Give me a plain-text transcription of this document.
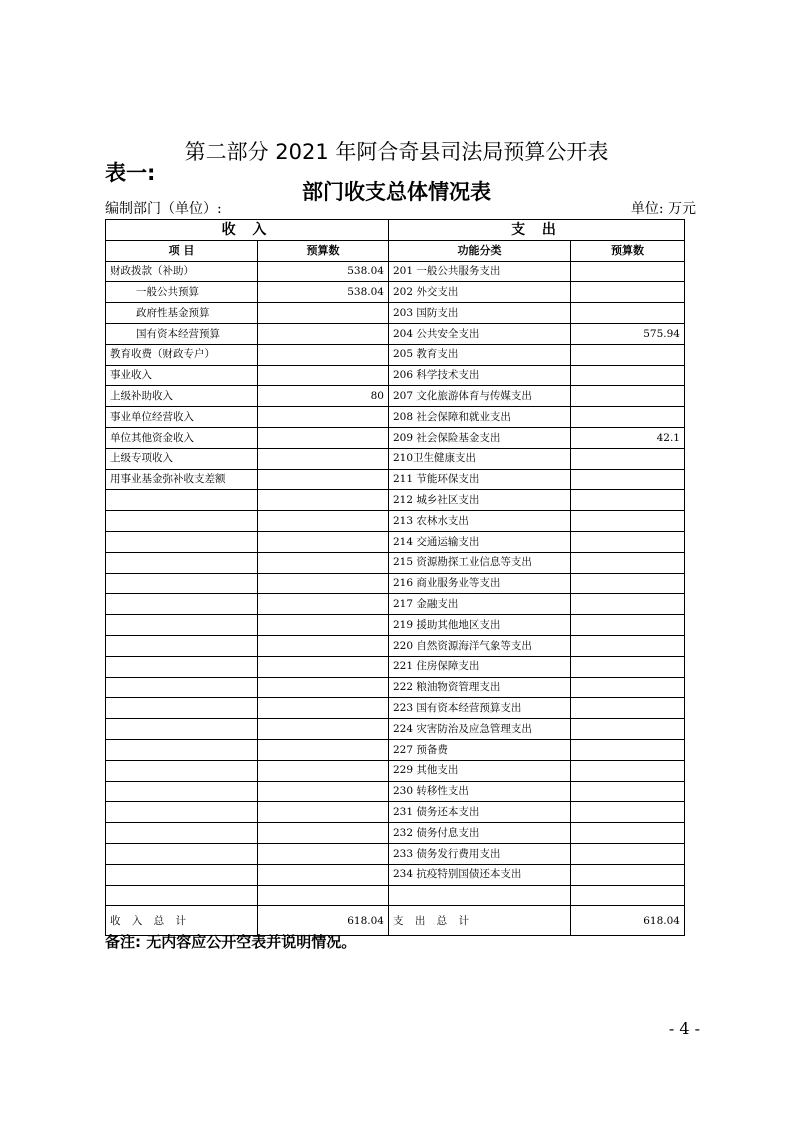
第二部分 2021 年阿合奇县司法局预算公开表
表一:
部门收支总体情况表
编制部门（单位）:	单位: 万元
收 入		支 出	
项 目	预算数	功能分类	预算数
财政拨款（补助）	538.04	201 一般公共服务支出	
一般公共预算	538.04	202 外交支出	
政府性基金预算		203 国防支出	
国有资本经营预算		204 公共安全支出	575.94
教育收费（财政专户）		205 教育支出	
事业收入		206 科学技术支出	
上级补助收入	80	207 文化旅游体育与传媒支出	
事业单位经营收入		208 社会保障和就业支出	
单位其他资金收入		209 社会保险基金支出	42.1
上级专项收入		210卫生健康支出	
用事业基金弥补收支差额		211 节能环保支出	
		212 城乡社区支出	
		213 农林水支出	
		214 交通运输支出	
		215 资源勘探工业信息等支出	
		216 商业服务业等支出	
		217 金融支出	
		219 援助其他地区支出	
		220 自然资源海洋气象等支出	
		221 住房保障支出	
		222 粮油物资管理支出	
		223 国有资本经营预算支出	
		224 灾害防治及应急管理支出	
		227 预备费	
		229 其他支出	
		230 转移性支出	
		231 债务还本支出	
		232 债务付息支出	
		233 债务发行费用支出	
		234 抗疫特别国债还本支出	

收 入 总 计	618.04	支 出 总 计	618.04
备注: 无内容应公开空表并说明情况。
- 4 -
